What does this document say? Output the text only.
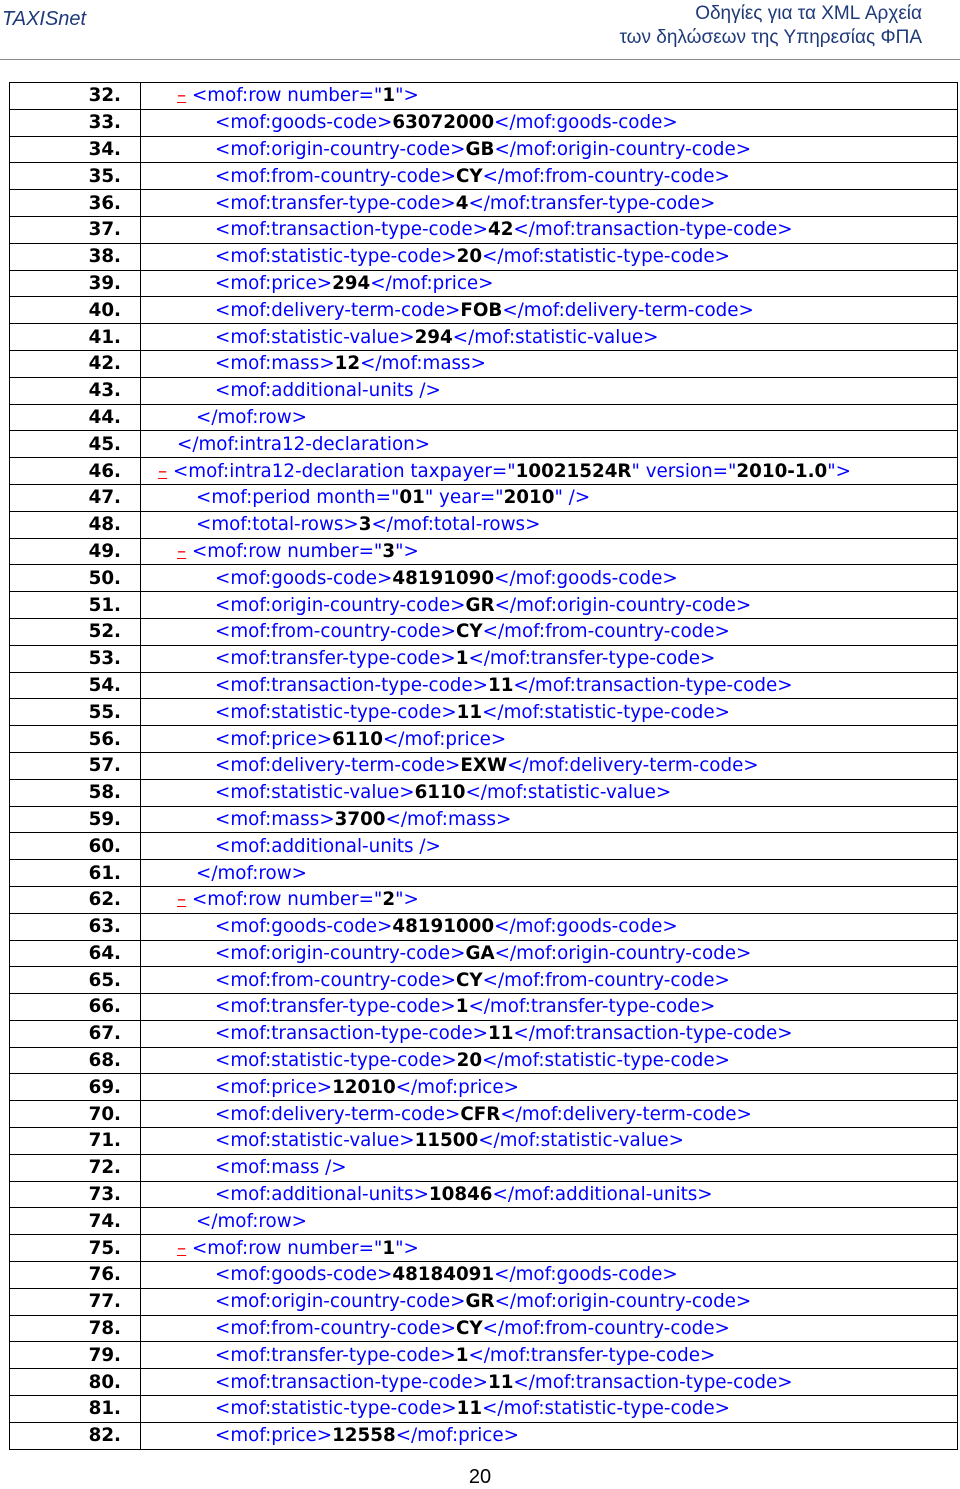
TAXISnet	Οδηγίες για τα XML Αρχεία
των δηλώσεων της Υπηρεσίας ΦΠΑ
32.	– <mof:row number="1">
33.	<mof:goods-code>63072000</mof:goods-code>
34.	<mof:origin-country-code>GB</mof:origin-country-code>
35.	<mof:from-country-code>CY</mof:from-country-code>
36.	<mof:transfer-type-code>4</mof:transfer-type-code>
37.	<mof:transaction-type-code>42</mof:transaction-type-code>
38.	<mof:statistic-type-code>20</mof:statistic-type-code>
39.	<mof:price>294</mof:price>
40.	<mof:delivery-term-code>FOB</mof:delivery-term-code>
41.	<mof:statistic-value>294</mof:statistic-value>
42.	<mof:mass>12</mof:mass>
43.	<mof:additional-units />
44.	</mof:row>
45.	</mof:intra12-declaration>
46.	– <mof:intra12-declaration taxpayer="10021524R" version="2010-1.0">
47.	<mof:period month="01" year="2010" />
48.	<mof:total-rows>3</mof:total-rows>
49.	– <mof:row number="3">
50.	<mof:goods-code>48191090</mof:goods-code>
51.	<mof:origin-country-code>GR</mof:origin-country-code>
52.	<mof:from-country-code>CY</mof:from-country-code>
53.	<mof:transfer-type-code>1</mof:transfer-type-code>
54.	<mof:transaction-type-code>11</mof:transaction-type-code>
55.	<mof:statistic-type-code>11</mof:statistic-type-code>
56.	<mof:price>6110</mof:price>
57.	<mof:delivery-term-code>EXW</mof:delivery-term-code>
58.	<mof:statistic-value>6110</mof:statistic-value>
59.	<mof:mass>3700</mof:mass>
60.	<mof:additional-units />
61.	</mof:row>
62.	– <mof:row number="2">
63.	<mof:goods-code>48191000</mof:goods-code>
64.	<mof:origin-country-code>GA</mof:origin-country-code>
65.	<mof:from-country-code>CY</mof:from-country-code>
66.	<mof:transfer-type-code>1</mof:transfer-type-code>
67.	<mof:transaction-type-code>11</mof:transaction-type-code>
68.	<mof:statistic-type-code>20</mof:statistic-type-code>
69.	<mof:price>12010</mof:price>
70.	<mof:delivery-term-code>CFR</mof:delivery-term-code>
71.	<mof:statistic-value>11500</mof:statistic-value>
72.	<mof:mass />
73.	<mof:additional-units>10846</mof:additional-units>
74.	</mof:row>
75.	– <mof:row number="1">
76.	<mof:goods-code>48184091</mof:goods-code>
77.	<mof:origin-country-code>GR</mof:origin-country-code>
78.	<mof:from-country-code>CY</mof:from-country-code>
79.	<mof:transfer-type-code>1</mof:transfer-type-code>
80.	<mof:transaction-type-code>11</mof:transaction-type-code>
81.	<mof:statistic-type-code>11</mof:statistic-type-code>
82.	<mof:price>12558</mof:price>
20
